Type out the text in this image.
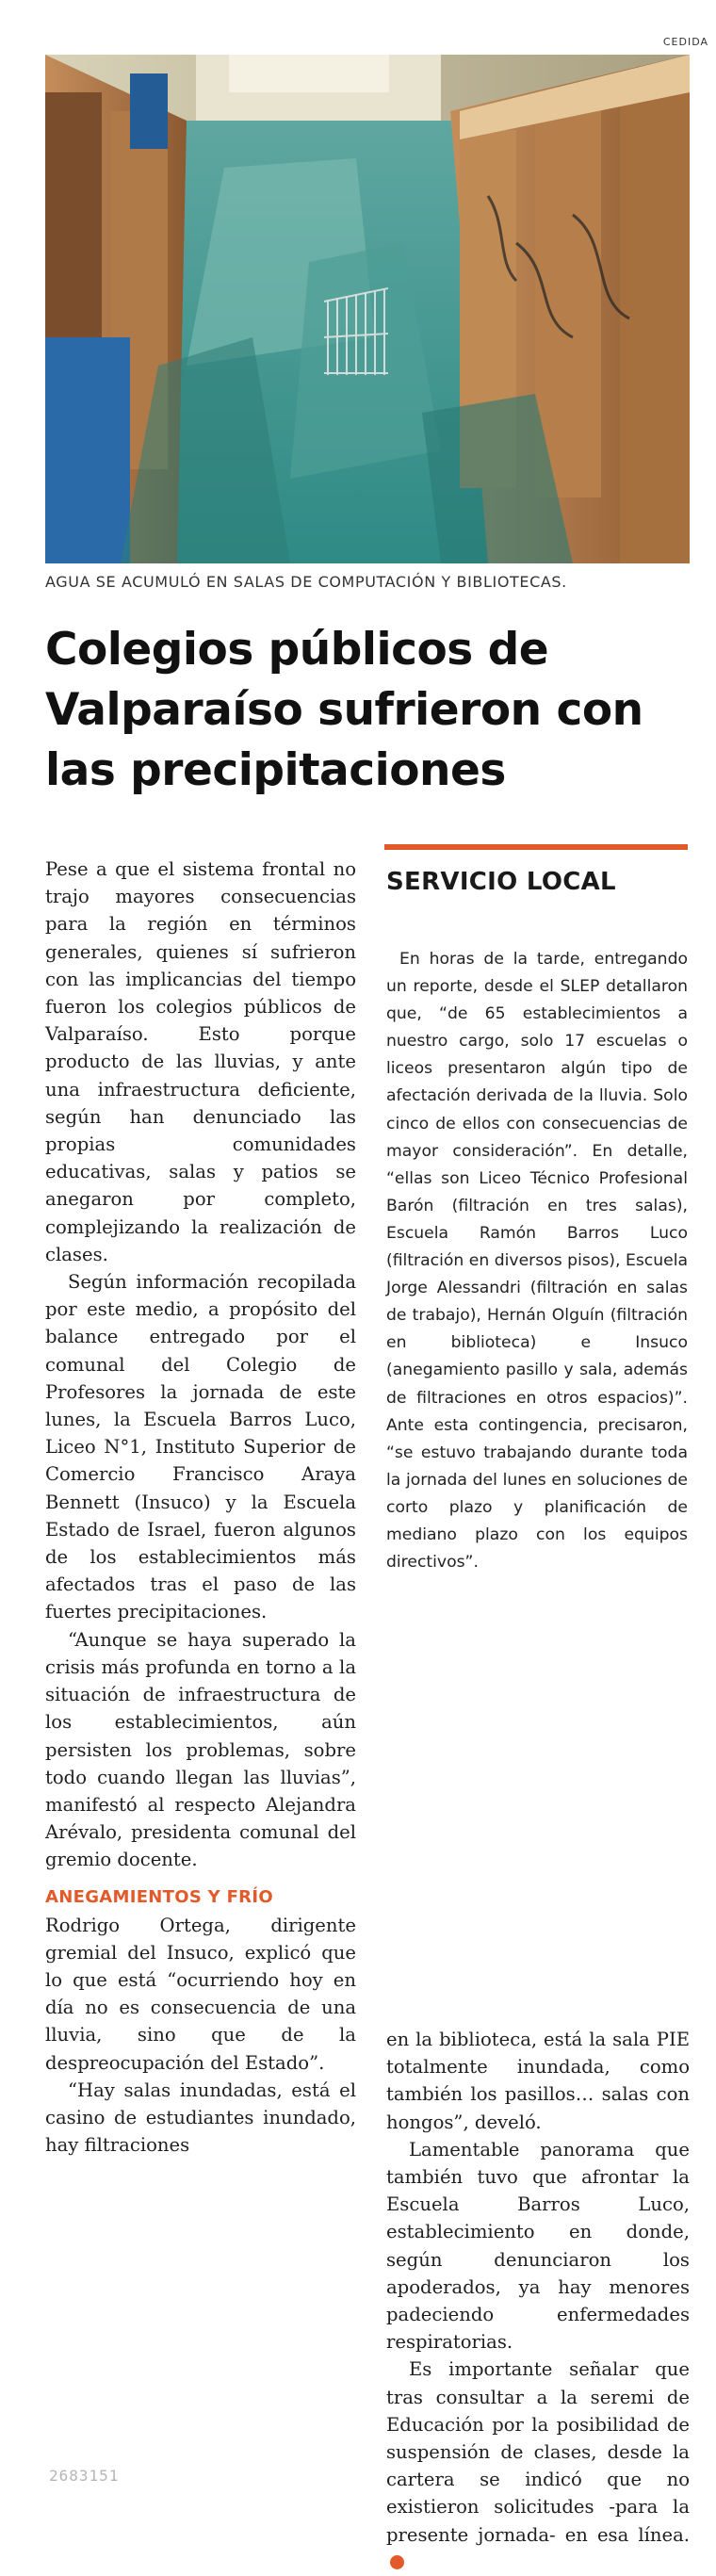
CEDIDA
AGUA SE ACUMULÓ EN SALAS DE COMPUTACIÓN Y BIBLIOTECAS.
Colegios públicos de Valparaíso sufrieron con las precipitaciones

Pese a que el sistema frontal no trajo mayores consecuencias para la región en términos generales, quienes sí sufrieron con las implicancias del tiempo fueron los colegios públicos de Valparaíso. Esto porque producto de las lluvias, y ante una infraestructura deficiente, según han denunciado las propias comunidades educativas, salas y patios se anegaron por completo, complejizando la realización de clases.

Según información recopilada por este medio, a propósito del balance entregado por el comunal del Colegio de Profesores la jornada de este lunes, la Escuela Barros Luco, Liceo N°1, Instituto Superior de Comercio Francisco Araya Bennett (Insuco) y la Escuela Estado de Israel, fueron algunos de los establecimientos más afectados tras el paso de las fuertes precipitaciones.

“Aunque se haya superado la crisis más profunda en torno a la situación de infraestructura de los establecimientos, aún persisten los problemas, sobre todo cuando llegan las lluvias”, manifestó al respecto Alejandra Arévalo, presidenta comunal del gremio docente.

ANEGAMIENTOS Y FRÍO

Rodrigo Ortega, dirigente gremial del Insuco, explicó que lo que está “ocurriendo hoy en día no es consecuencia de una lluvia, sino que de la despreocupación del Estado”.

“Hay salas inundadas, está el casino de estudiantes inundado, hay filtraciones

SERVICIO LOCAL

En horas de la tarde, entregando un reporte, desde el SLEP detallaron que, “de 65 establecimientos a nuestro cargo, solo 17 escuelas o liceos presentaron algún tipo de afectación derivada de la lluvia. Solo cinco de ellos con consecuencias de mayor consideración”. En detalle, “ellas son Liceo Técnico Profesional Barón (filtración en tres salas), Escuela Ramón Barros Luco (filtración en diversos pisos), Escuela Jorge Alessandri (filtración en salas de trabajo), Hernán Olguín (filtración en biblioteca) e Insuco (anegamiento pasillo y sala, además de filtraciones en otros espacios)”. Ante esta contingencia, precisaron, “se estuvo trabajando durante toda la jornada del lunes en soluciones de corto plazo y planificación de mediano plazo con los equipos directivos”.

en la biblioteca, está la sala PIE totalmente inundada, como también los pasillos… salas con hongos”, develó.

Lamentable panorama que también tuvo que afrontar la Escuela Barros Luco, establecimiento en donde, según denunciaron los apoderados, ya hay menores padeciendo enfermedades respiratorias.

Es importante señalar que tras consultar a la seremi de Educación por la posibilidad de suspensión de clases, desde la cartera se indicó que no existieron solicitudes -para la presente jornada- en esa línea.

2683151
